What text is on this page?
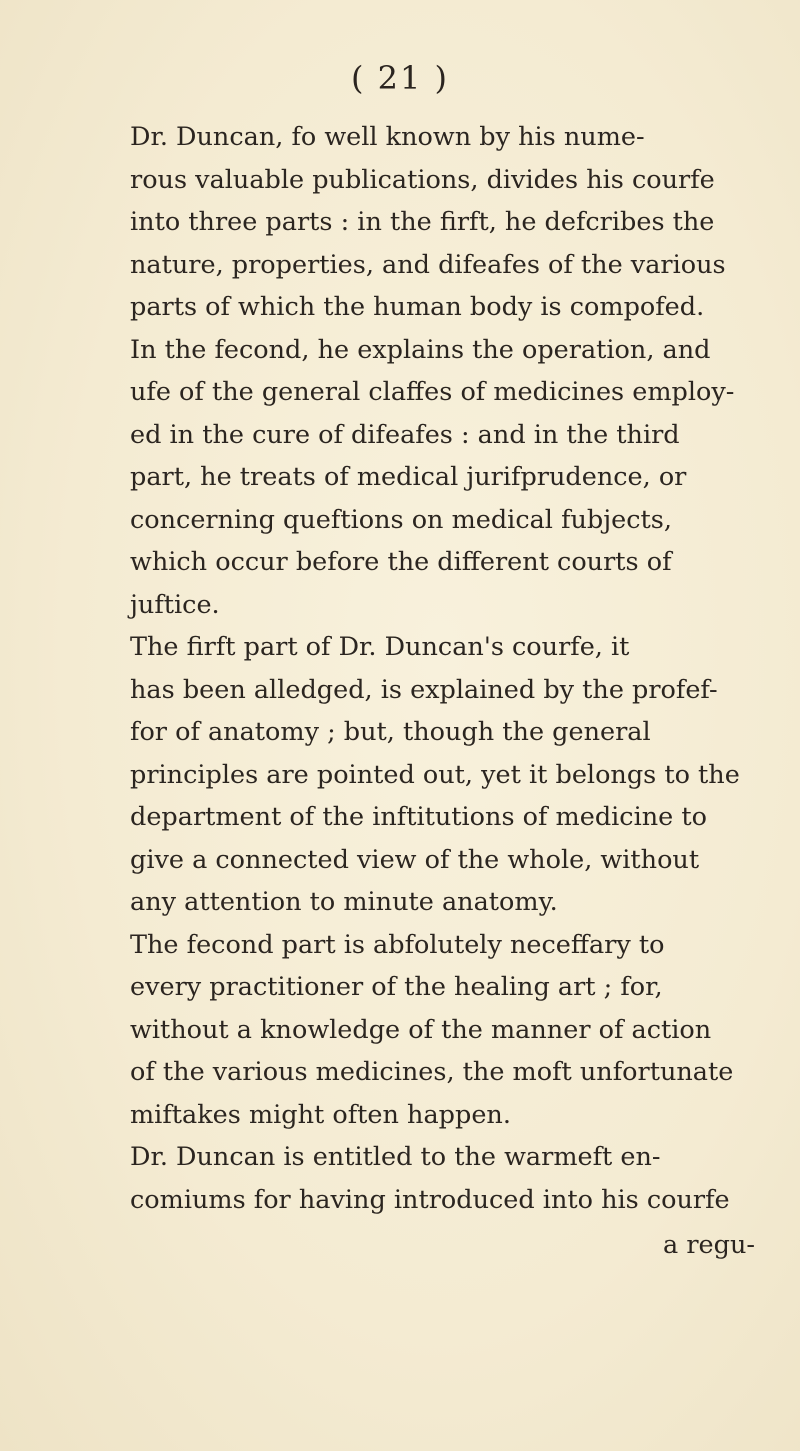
( 21 )
Dr. Duncan, fo well known by his nume-
rous valuable publications, divides his courfe
into three parts : in the firft, he defcribes the
nature, properties, and difeafes of the various
parts of which the human body is compofed.
In the fecond, he explains the operation, and
ufe of the general claffes of medicines employ-
ed in the cure of difeafes : and in the third
part, he treats of medical jurifprudence, or
concerning queftions on medical fubjects,
which occur before the different courts of
juftice.
The firft part of Dr. Duncan's courfe, it
has been alledged, is explained by the profef-
for of anatomy ; but, though the general
principles are pointed out, yet it belongs to the
department of the inftitutions of medicine to
give a connected view of the whole, without
any attention to minute anatomy.
The fecond part is abfolutely neceffary to
every practitioner of the healing art ; for,
without a knowledge of the manner of action
of the various medicines, the moft unfortunate
miftakes might often happen.
Dr. Duncan is entitled to the warmeft en-
comiums for having introduced into his courfe
a regu-
